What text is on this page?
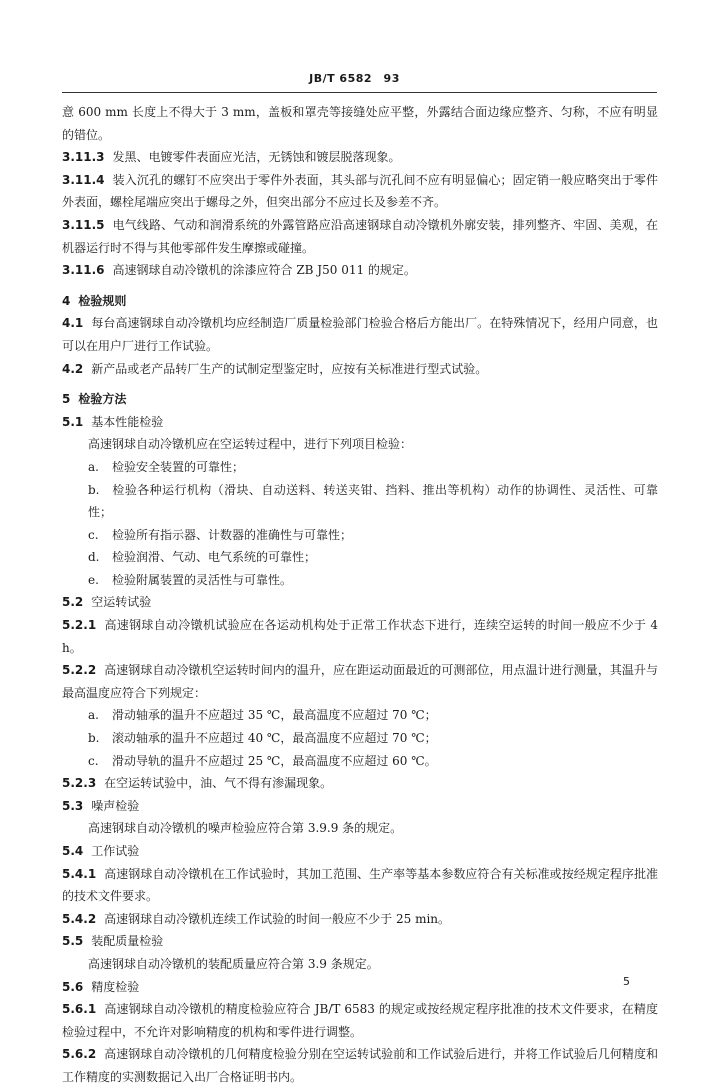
JB/T 6582　93

意 600 mm 长度上不得大于 3 mm，盖板和罩壳等接缝处应平整，外露结合面边缘应整齐、匀称，不应有明显的错位。

3.11.3 发黑、电镀零件表面应光洁，无锈蚀和镀层脱落现象。

3.11.4 装入沉孔的螺钉不应突出于零件外表面，其头部与沉孔间不应有明显偏心；固定销一般应略突出于零件外表面，螺栓尾端应突出于螺母之外，但突出部分不应过长及参差不齐。

3.11.5 电气线路、气动和润滑系统的外露管路应沿高速钢球自动冷镦机外廓安装，排列整齐、牢固、美观，在机器运行时不得与其他零部件发生摩擦或碰撞。

3.11.6 高速钢球自动冷镦机的涂漆应符合 ZB J50 011 的规定。

4 检验规则

4.1 每台高速钢球自动冷镦机均应经制造厂质量检验部门检验合格后方能出厂。在特殊情况下，经用户同意，也可以在用户厂进行工作试验。

4.2 新产品或老产品转厂生产的试制定型鉴定时，应按有关标准进行型式试验。

5 检验方法

5.1 基本性能检验

高速钢球自动冷镦机应在空运转过程中，进行下列项目检验：

a. 检验安全装置的可靠性；

b. 检验各种运行机构（滑块、自动送料、转送夹钳、挡料、推出等机构）动作的协调性、灵活性、可靠性；

c. 检验所有指示器、计数器的准确性与可靠性；

d. 检验润滑、气动、电气系统的可靠性；

e. 检验附属装置的灵活性与可靠性。

5.2 空运转试验

5.2.1 高速钢球自动冷镦机试验应在各运动机构处于正常工作状态下进行，连续空运转的时间一般应不少于 4 h。

5.2.2 高速钢球自动冷镦机空运转时间内的温升，应在距运动面最近的可测部位，用点温计进行测量，其温升与最高温度应符合下列规定：

a. 滑动轴承的温升不应超过 35 ℃，最高温度不应超过 70 ℃；

b. 滚动轴承的温升不应超过 40 ℃，最高温度不应超过 70 ℃；

c. 滑动导轨的温升不应超过 25 ℃，最高温度不应超过 60 ℃。

5.2.3 在空运转试验中，油、气不得有渗漏现象。

5.3 噪声检验

高速钢球自动冷镦机的噪声检验应符合第 3.9.9 条的规定。

5.4 工作试验

5.4.1 高速钢球自动冷镦机在工作试验时，其加工范围、生产率等基本参数应符合有关标准或按经规定程序批准的技术文件要求。

5.4.2 高速钢球自动冷镦机连续工作试验的时间一般应不少于 25 min。

5.5 装配质量检验

高速钢球自动冷镦机的装配质量应符合第 3.9 条规定。

5.6 精度检验

5.6.1 高速钢球自动冷镦机的精度检验应符合 JB/T 6583 的规定或按经规定程序批准的技术文件要求，在精度检验过程中，不允许对影响精度的机构和零件进行调整。

5.6.2 高速钢球自动冷镦机的几何精度检验分别在空运转试验前和工作试验后进行，并将工作试验后几何精度和工作精度的实测数据记入出厂合格证明书内。

5
